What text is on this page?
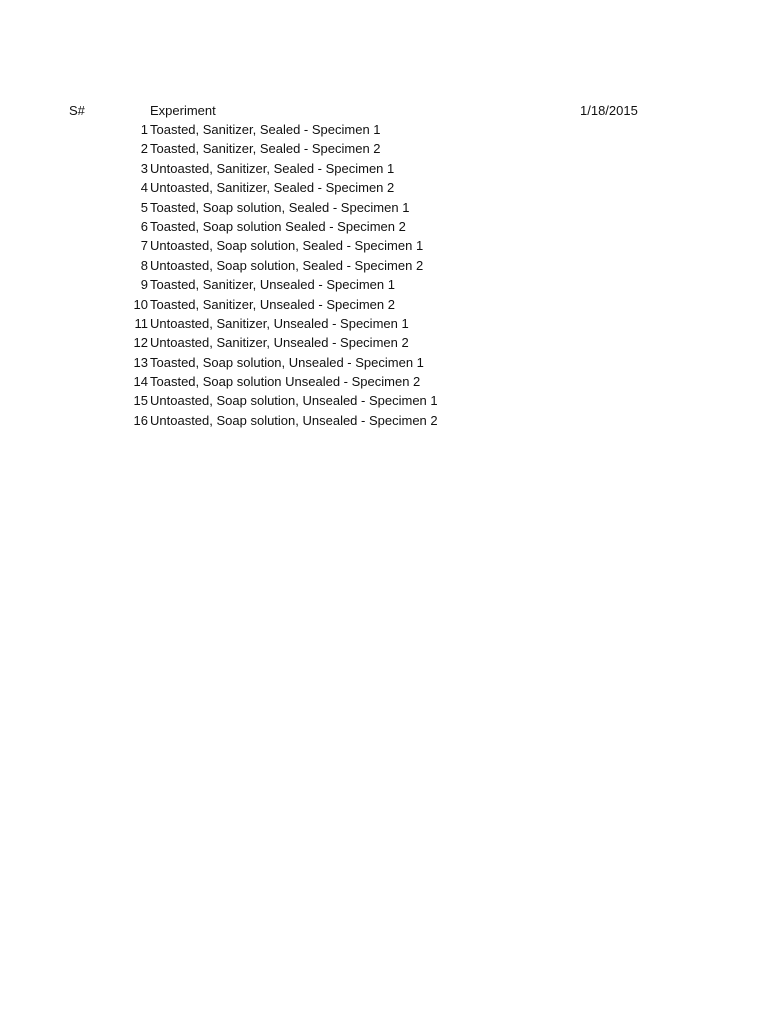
S#	Experiment	1/18/2015
1 Toasted, Sanitizer, Sealed - Specimen 1
2 Toasted, Sanitizer, Sealed - Specimen 2
3 Untoasted, Sanitizer, Sealed - Specimen 1
4 Untoasted, Sanitizer, Sealed - Specimen 2
5 Toasted, Soap solution, Sealed - Specimen 1
6 Toasted, Soap solution Sealed - Specimen 2
7 Untoasted, Soap solution, Sealed - Specimen 1
8 Untoasted, Soap solution, Sealed - Specimen 2
9 Toasted, Sanitizer, Unsealed - Specimen 1
10 Toasted, Sanitizer, Unsealed - Specimen 2
11 Untoasted, Sanitizer, Unsealed - Specimen 1
12 Untoasted, Sanitizer, Unsealed - Specimen 2
13 Toasted, Soap solution, Unsealed - Specimen 1
14 Toasted, Soap solution Unsealed - Specimen 2
15 Untoasted, Soap solution, Unsealed - Specimen 1
16 Untoasted, Soap solution, Unsealed - Specimen 2
